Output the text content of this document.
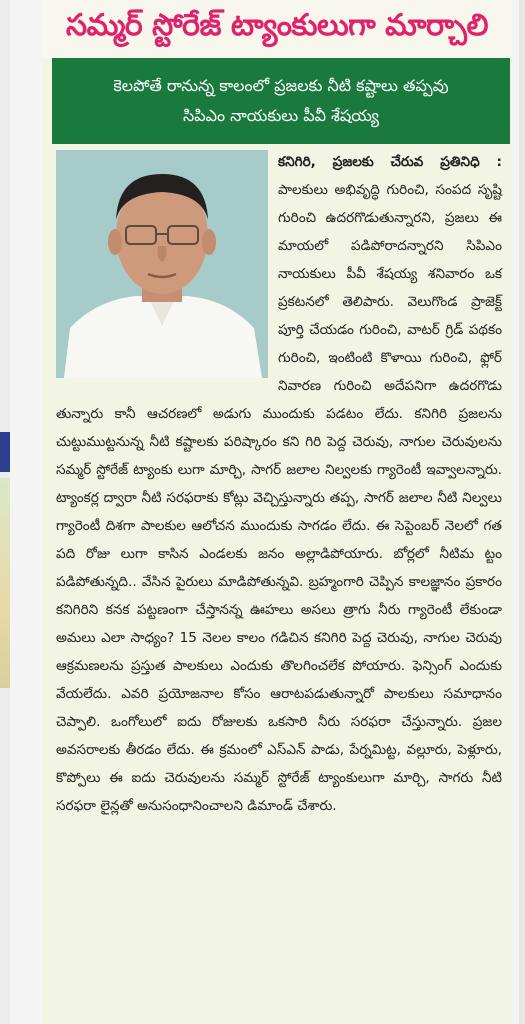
సమ్మర్ స్టోరేజ్ ట్యాంకులుగా మార్చాలి
కెలపోతే రానున్న కాలంలో ప్రజలకు నీటి కష్టాలు తప్పవు
సిపిఎం నాయకులు పీవీ శేషయ్య
కనిగిరి, ప్రజలకు చేరువ ప్రతినిధి : పాలకులు అభివృద్ధి గురించి, సంపద సృష్టి గురించి ఉదరగొడుతున్నారని, ప్రజలు ఈ మాయలో పడిపోరాదన్నారని సిపిఎం నాయకులు పీవీ శేషయ్య శనివారం ఒక ప్రకటనలో తెలిపారు. వెలుగొండ ప్రాజెక్ట్ పూర్తి చేయడం గురించి, వాటర్ గ్రిడ్ పథకం గురించి, ఇంటింటి కొళాయి గురించి, ఫ్లోర్ నివారణ గురించి అదేపనిగా ఉదరగొడు తున్నారు కానీ ఆచరణలో అడుగు ముందుకు పడటం లేదు. కనిగిరి ప్రజలను చుట్టుముట్టనున్న నీటి కష్టాలకు పరిష్కారం కని గిరి పెద్ద చెరువు, నాగుల చెరువులను సమ్మర్ స్టోరేజ్ ట్యాంకు లుగా మార్చి, సాగర్ జలాల నిల్వలకు గ్యారెంటీ ఇవ్వాలన్నారు. ట్యాంకర్ల ద్వారా నీటి సరఫరాకు కోట్లు వెచ్చిస్తున్నారు తప్ప, సాగర్ జలాల నీటి నిల్వలు గ్యారెంటీ దిశగా పాలకుల ఆలోచన ముందుకు సాగడం లేదు. ఈ సెప్టెంబర్ నెలలో గత పది రోజు లుగా కాసిన ఎండలకు జనం అల్లాడిపోయారు. బోర్లలో నీటిమ ట్టం పడిపోతున్నది.. వేసిన పైరులు మాడిపోతున్నవి. బ్రహ్మంగారి చెప్పిన కాలజ్ఞానం ప్రకారం కనిగిరిని కనక పట్టణంగా చేస్తానన్న ఊహలు అసలు త్రాగు నీరు గ్యారెంటీ లేకుండా అమలు ఎలా సాధ్యం? 15 నెలల కాలం గడిచిన కనిగిరి పెద్ద చెరువు, నాగుల చెరువు ఆక్రమణలను ప్రస్తుత పాలకులు ఎందుకు తొలగించలేక పోయారు. ఫెన్సింగ్ ఎందుకు వేయలేదు. ఎవరి ప్రయోజనాల కోసం ఆరాటపడుతున్నారో పాలకులు సమాధానం చెప్పాలి. ఒంగోలులో ఐదు రోజులకు ఒకసారి నీరు సరఫరా చేస్తున్నారు. ప్రజల అవసరాలకు తీరడం లేదు. ఈ క్రమంలో ఎస్ఎన్ పాడు, పేర్నమిట్ట, వల్లూరు, పెళ్లూరు, కొప్పోలు ఈ ఐదు చెరువులను సమ్మర్ స్టోరేజ్ ట్యాంకులుగా మార్చి, సాగరు నీటి సరఫరా లైన్లతో అనుసంధానించాలని డిమాండ్ చేశారు.
